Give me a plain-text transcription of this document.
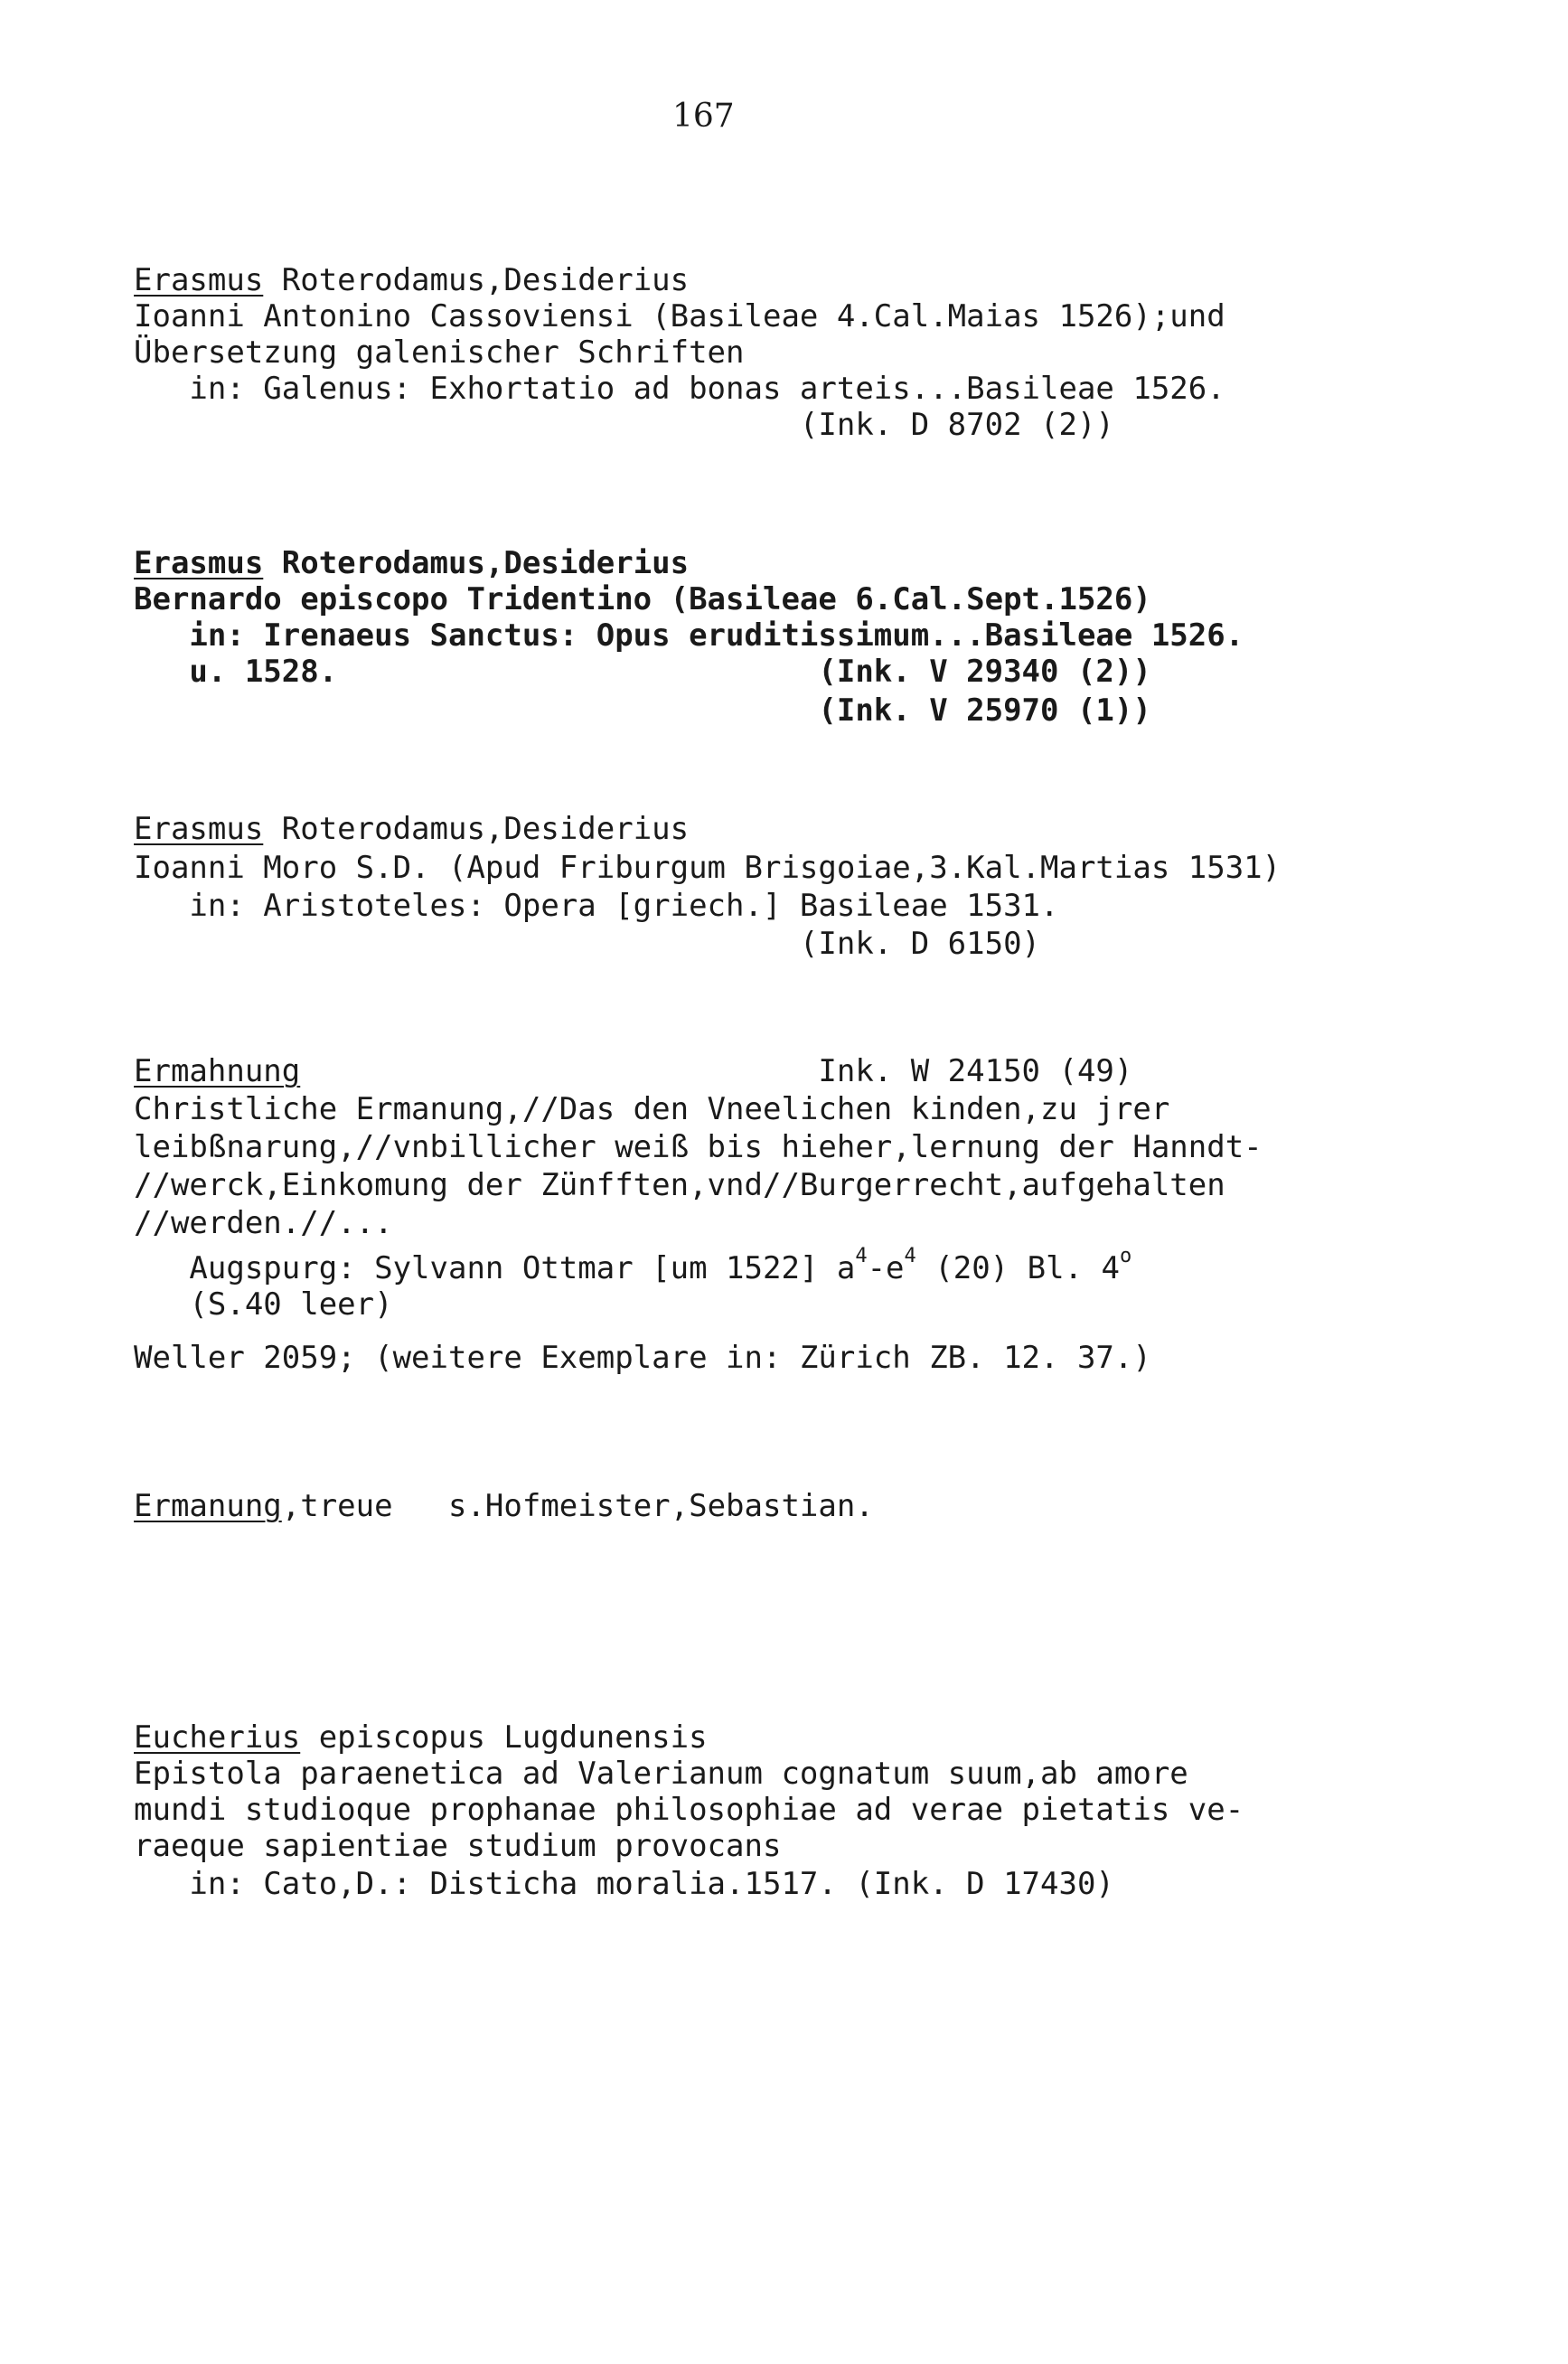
167
Erasmus Roterodamus,Desiderius
Ioanni Antonino Cassoviensi (Basileae 4.Cal.Maias 1526);und
Übersetzung galenischer Schriften
in: Galenus: Exhortatio ad bonas arteis...Basileae 1526.
(Ink. D 8702 (2))
Erasmus Roterodamus,Desiderius
Bernardo episcopo Tridentino (Basileae 6.Cal.Sept.1526)
in: Irenaeus Sanctus: Opus eruditissimum...Basileae 1526.
u. 1528.                          (Ink. V 29340 (2))
(Ink. V 25970 (1))
Erasmus Roterodamus,Desiderius
Ioanni Moro S.D. (Apud Friburgum Brisgoiae,3.Kal.Martias 1531)
in: Aristoteles: Opera [griech.] Basileae 1531.
(Ink. D 6150)
Ermahnung                            Ink. W 24150 (49)
Christliche Ermanung,//Das den Vneelichen kinden,zu jrer
leibßnarung,//vnbillicher weiß bis hieher,lernung der Hanndt-
//werck,Einkomung der Zünfften,vnd//Burgerrecht,aufgehalten
//werden.//...
Augspurg: Sylvann Ottmar [um 1522] $a^4-e^4$ (20) Bl. 4$^o$
(S.40 leer)
Weller 2059; (weitere Exemplare in: Zürich ZB. 12. 37.)
Ermanung,treue   s.Hofmeister,Sebastian.
Eucherius episcopus Lugdunensis
Epistola paraenetica ad Valerianum cognatum suum,ab amore
mundi studioque prophanae philosophiae ad verae pietatis ve-
raeque sapientiae studium provocans
in: Cato,D.: Disticha moralia.1517. (Ink. D 17430)
